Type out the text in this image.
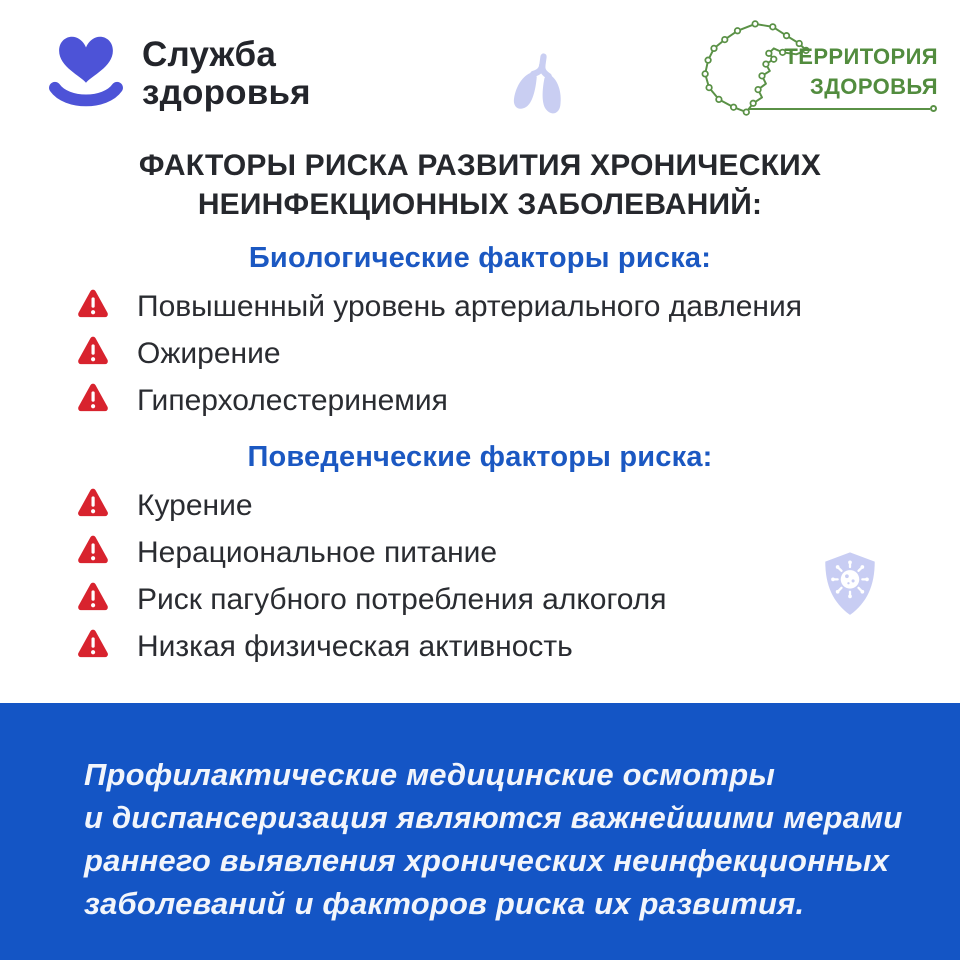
Служба
здоровья
ТЕРРИТОРИЯ
ЗДОРОВЬЯ
ФАКТОРЫ РИСКА РАЗВИТИЯ ХРОНИЧЕСКИХ
НЕИНФЕКЦИОННЫХ ЗАБОЛЕВАНИЙ:
Биологические факторы риска:
Повышенный уровень артериального давления
Ожирение
Гиперхолестеринемия
Поведенческие факторы риска:
Курение
Нерациональное питание
Риск пагубного потребления алкоголя
Низкая физическая активность
Профилактические медицинские осмотры
и диспансеризация являются важнейшими мерами
раннего выявления хронических неинфекционных
заболеваний и факторов риска их развития.
